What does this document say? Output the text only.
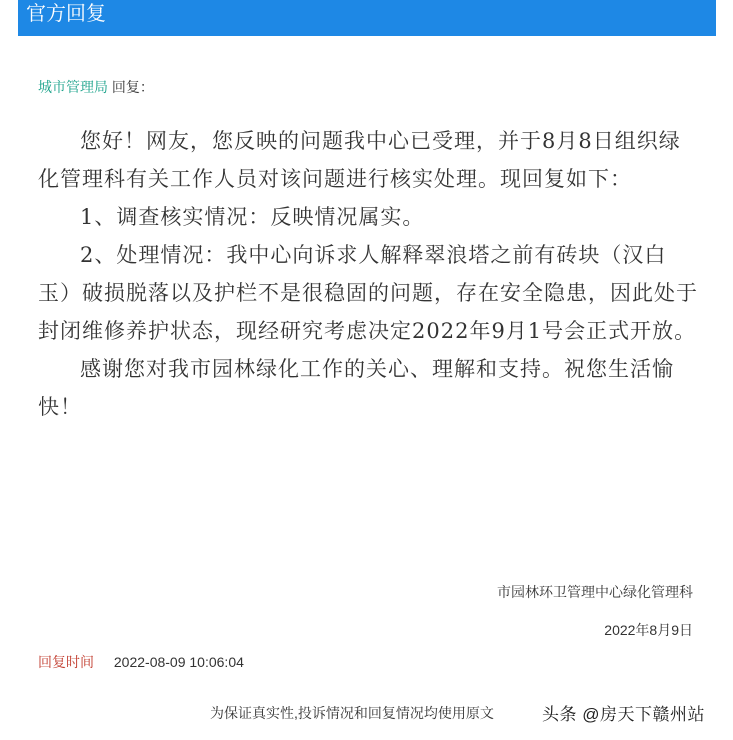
官方回复
城市管理局 回复：

您好！网友，您反映的问题我中心已受理，并于8月8日组织绿化管理科有关工作人员对该问题进行核实处理。现回复如下：

1、调查核实情况：反映情况属实。

2、处理情况：我中心向诉求人解释翠浪塔之前有砖块（汉白玉）破损脱落以及护栏不是很稳固的问题，存在安全隐患，因此处于封闭维修养护状态，现经研究考虑决定2022年9月1号会正式开放。

感谢您对我市园林绿化工作的关心、理解和支持。祝您生活愉快！

市园林环卫管理中心绿化管理科
2022年8月9日
回复时间 2022-08-09 10:06:04
为保证真实性,投诉情况和回复情况均使用原文	头条 @房天下赣州站
